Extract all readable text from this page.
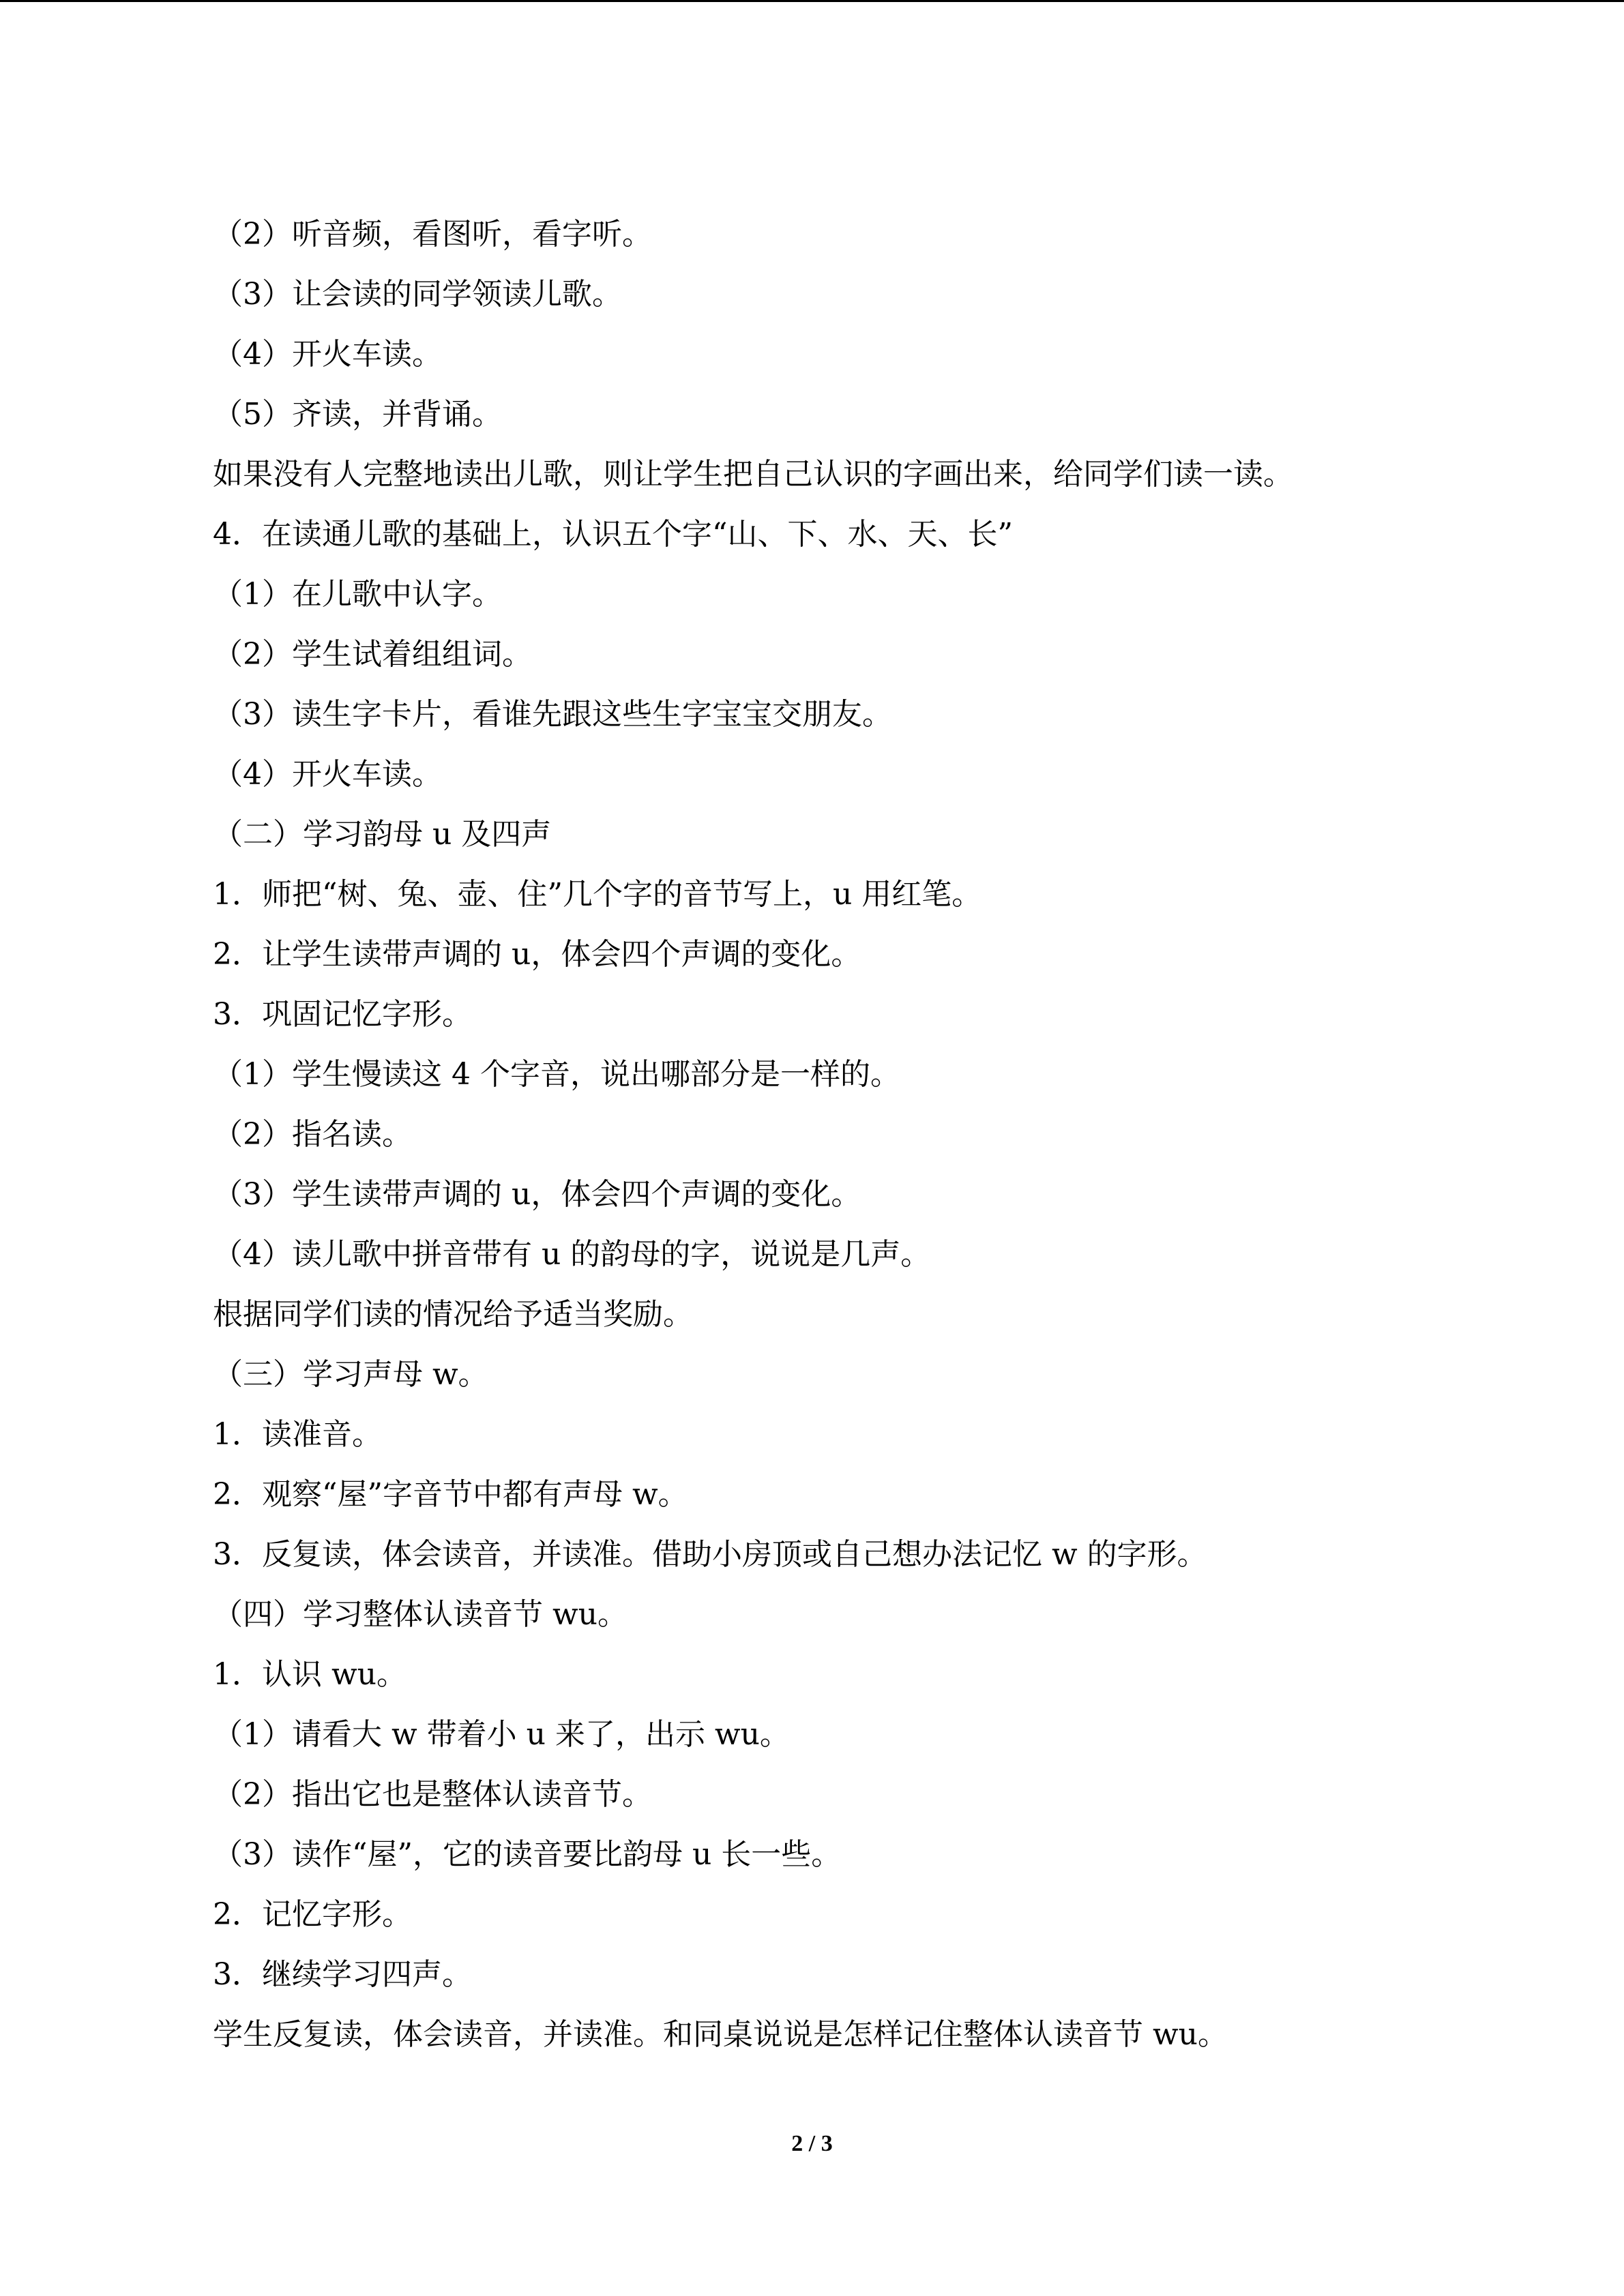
（2）听音频，看图听，看字听。
（3）让会读的同学领读儿歌。
（4）开火车读。
（5）齐读，并背诵。
如果没有人完整地读出儿歌，则让学生把自己认识的字画出来，给同学们读一读。
4．在读通儿歌的基础上，认识五个字“山、下、水、天、长”
（1）在儿歌中认字。
（2）学生试着组组词。
（3）读生字卡片，看谁先跟这些生字宝宝交朋友。
（4）开火车读。
（二）学习韵母 u 及四声
1．师把“树、兔、壶、住”几个字的音节写上，u 用红笔。
2．让学生读带声调的 u，体会四个声调的变化。
3．巩固记忆字形。
（1）学生慢读这 4 个字音，说出哪部分是一样的。
（2）指名读。
（3）学生读带声调的 u，体会四个声调的变化。
（4）读儿歌中拼音带有 u 的韵母的字，说说是几声。
根据同学们读的情况给予适当奖励。
（三）学习声母 w。
1．读准音。
2．观察“屋”字音节中都有声母 w。
3．反复读，体会读音，并读准。借助小房顶或自己想办法记忆 w 的字形。
（四）学习整体认读音节 wu。
1．认识 wu。
（1）请看大 w 带着小 u 来了，出示 wu。
（2）指出它也是整体认读音节。
（3）读作“屋”，它的读音要比韵母 u 长一些。
2．记忆字形。
3．继续学习四声。
学生反复读，体会读音，并读准。和同桌说说是怎样记住整体认读音节 wu。
2 / 3
